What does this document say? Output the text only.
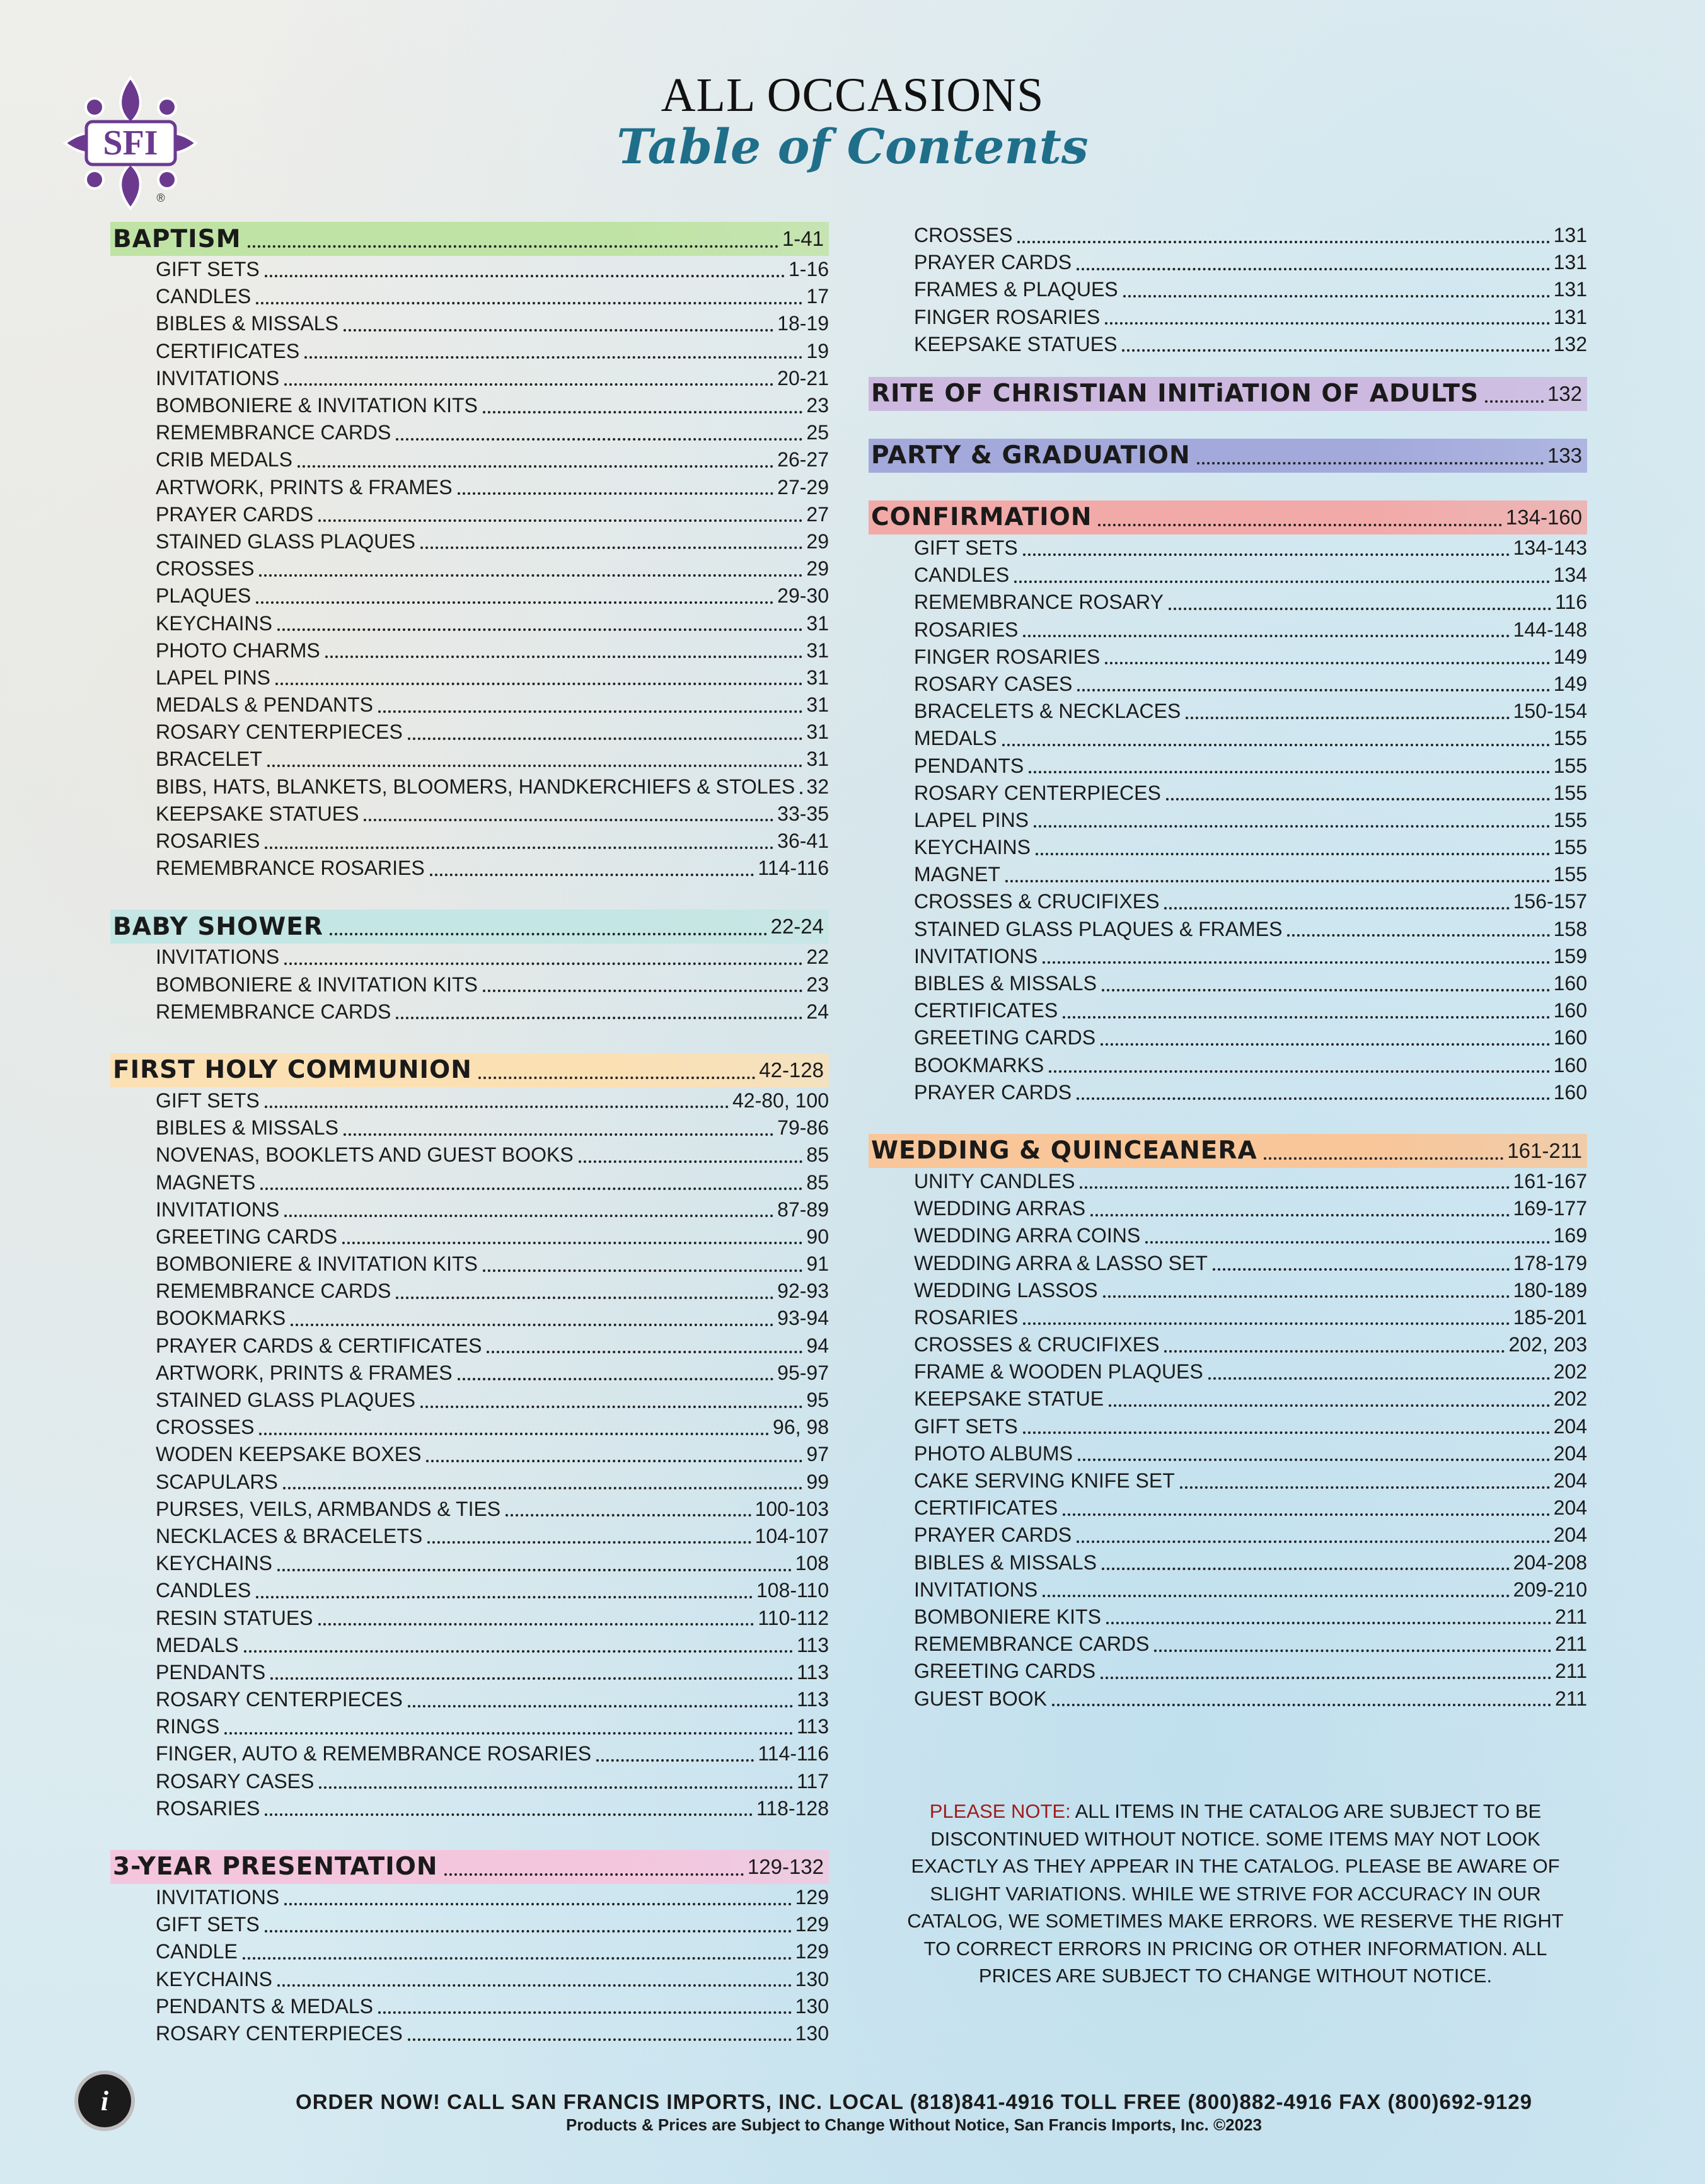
SFI
®
ALL OCCASIONS
Table of Contents
BAPTISM	1-41
GIFT SETS	1-16
CANDLES	17
BIBLES & MISSALS	18-19
CERTIFICATES	19
INVITATIONS	20-21
BOMBONIERE & INVITATION KITS	23
REMEMBRANCE CARDS	25
CRIB MEDALS	26-27
ARTWORK, PRINTS & FRAMES	27-29
PRAYER CARDS	27
STAINED GLASS PLAQUES	29
CROSSES	29
PLAQUES	29-30
KEYCHAINS	31
PHOTO CHARMS	31
LAPEL PINS	31
MEDALS & PENDANTS	31
ROSARY CENTERPIECES	31
BRACELET	31
BIBS, HATS, BLANKETS, BLOOMERS, HANDKERCHIEFS & STOLES 32
KEEPSAKE STATUES	33-35
ROSARIES	36-41
REMEMBRANCE ROSARIES	114-116
BABY SHOWER	22-24
INVITATIONS	22
BOMBONIERE & INVITATION KITS	23
REMEMBRANCE CARDS	24
FIRST HOLY COMMUNION	42-128
GIFT SETS	42-80, 100
BIBLES & MISSALS	79-86
NOVENAS, BOOKLETS AND GUEST BOOKS	85
MAGNETS	85
INVITATIONS	87-89
GREETING CARDS	90
BOMBONIERE & INVITATION KITS	91
REMEMBRANCE CARDS	92-93
BOOKMARKS	93-94
PRAYER CARDS & CERTIFICATES	94
ARTWORK, PRINTS & FRAMES	95-97
STAINED GLASS PLAQUES	95
CROSSES	96, 98
WODEN KEEPSAKE BOXES	97
SCAPULARS	99
PURSES, VEILS, ARMBANDS & TIES	100-103
NECKLACES & BRACELETS	104-107
KEYCHAINS	108
CANDLES	108-110
RESIN STATUES	110-112
MEDALS	113
PENDANTS	113
ROSARY CENTERPIECES	113
RINGS	113
FINGER, AUTO & REMEMBRANCE ROSARIES	114-116
ROSARY CASES	117
ROSARIES	118-128
3-YEAR PRESENTATION	129-132
INVITATIONS	129
GIFT SETS	129
CANDLE	129
KEYCHAINS	130
PENDANTS & MEDALS	130
ROSARY CENTERPIECES	130
CROSSES	131
PRAYER CARDS	131
FRAMES & PLAQUES	131
FINGER ROSARIES	131
KEEPSAKE STATUES	132
RITE OF CHRISTIAN INITiATION OF ADULTS	132
PARTY & GRADUATION	133
CONFIRMATION	134-160
GIFT SETS	134-143
CANDLES	134
REMEMBRANCE ROSARY	116
ROSARIES	144-148
FINGER ROSARIES	149
ROSARY CASES	149
BRACELETS & NECKLACES	150-154
MEDALS	155
PENDANTS	155
ROSARY CENTERPIECES	155
LAPEL PINS	155
KEYCHAINS	155
MAGNET	155
CROSSES & CRUCIFIXES	156-157
STAINED GLASS PLAQUES & FRAMES	158
INVITATIONS	159
BIBLES & MISSALS	160
CERTIFICATES	160
GREETING CARDS	160
BOOKMARKS	160
PRAYER CARDS	160
WEDDING & QUINCEANERA	161-211
UNITY CANDLES	161-167
WEDDING ARRAS	169-177
WEDDING ARRA COINS	169
WEDDING ARRA & LASSO SET	178-179
WEDDING LASSOS	180-189
ROSARIES	185-201
CROSSES & CRUCIFIXES	202, 203
FRAME & WOODEN PLAQUES	202
KEEPSAKE STATUE	202
GIFT SETS	204
PHOTO ALBUMS	204
CAKE SERVING KNIFE SET	204
CERTIFICATES	204
PRAYER CARDS	204
BIBLES & MISSALS	204-208
INVITATIONS	209-210
BOMBONIERE KITS	211
REMEMBRANCE CARDS	211
GREETING CARDS	211
GUEST BOOK	211
PLEASE NOTE: ALL ITEMS IN THE CATALOG ARE SUBJECT TO BE DISCONTINUED WITHOUT NOTICE. SOME ITEMS MAY NOT LOOK EXACTLY AS THEY APPEAR IN THE CATALOG. PLEASE BE AWARE OF SLIGHT VARIATIONS. WHILE WE STRIVE FOR ACCURACY IN OUR CATALOG, WE SOMETIMES MAKE ERRORS. WE RESERVE THE RIGHT TO CORRECT ERRORS IN PRICING OR OTHER INFORMATION. ALL PRICES ARE SUBJECT TO CHANGE WITHOUT NOTICE.
i	ORDER NOW! CALL SAN FRANCIS IMPORTS, INC. LOCAL (818)841-4916 TOLL FREE (800)882-4916 FAX (800)692-9129
Products & Prices are Subject to Change Without Notice, San Francis Imports, Inc. ©2023
